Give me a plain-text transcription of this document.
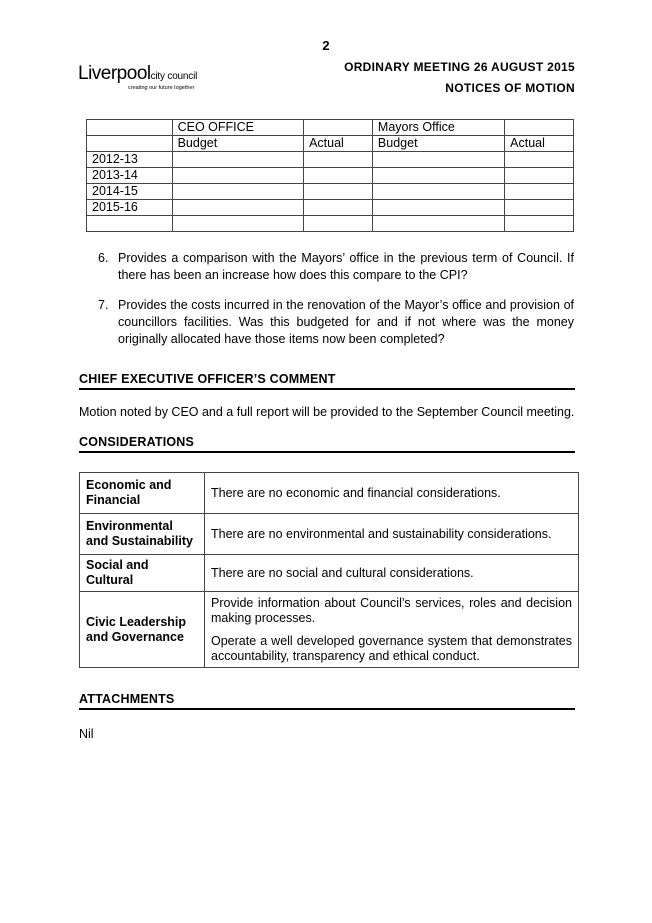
2
ORDINARY MEETING 26 AUGUST 2015
NOTICES OF MOTION
Liverpoolcity council
creating our future together
	CEO OFFICE		Mayors Office	
	Budget	Actual	Budget	Actual
2012-13				
2013-14				
2014-15				
2015-16				

6. Provides a comparison with the Mayors’ office in the previous term of Council. If there has been an increase how does this compare to the CPI?
7. Provides the costs incurred in the renovation of the Mayor’s office and provision of councillors facilities. Was this budgeted for and if not where was the money originally allocated have those items now been completed?
CHIEF EXECUTIVE OFFICER’S COMMENT
Motion noted by CEO and a full report will be provided to the September Council meeting.
CONSIDERATIONS
Economic and Financial	There are no economic and financial considerations.

Environmental and Sustainability	There are no environmental and sustainability considerations.

Social and Cultural	There are no social and cultural considerations.

Civic Leadership and Governance	Provide information about Council’s services, roles and decision making processes.

Operate a well developed governance system that demonstrates accountability, transparency and ethical conduct.

ATTACHMENTS
Nil
